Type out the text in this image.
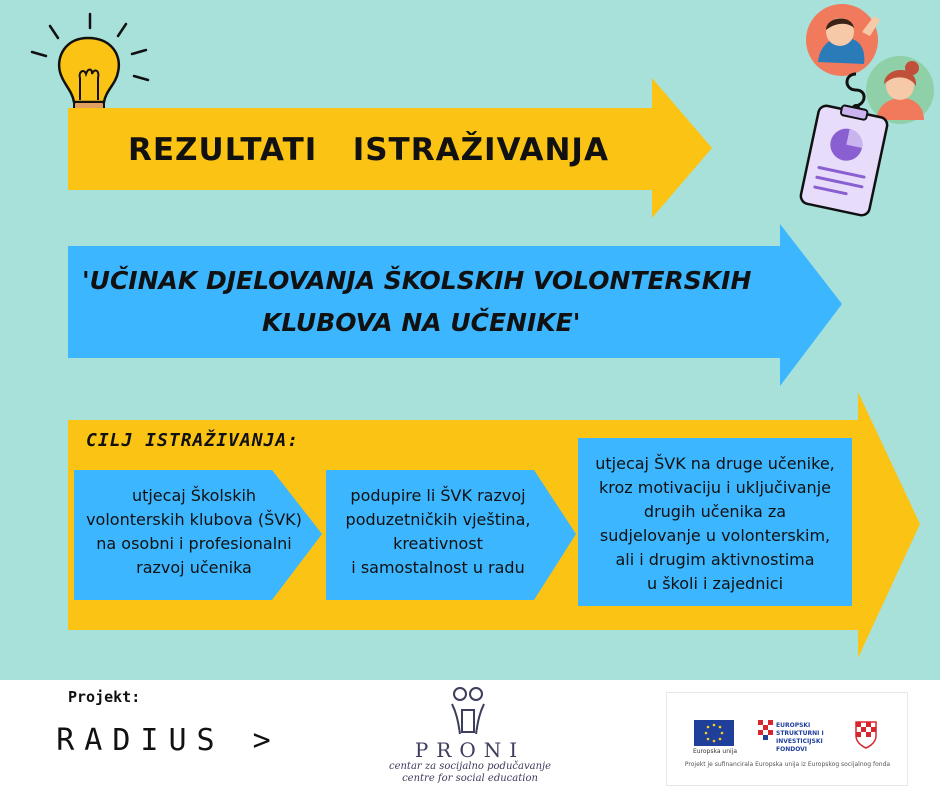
REZULTATI   ISTRAŽIVANJA
'UČINAK DJELOVANJA ŠKOLSKIH VOLONTERSKIH
KLUBOVA NA UČENIKE'
CILJ ISTRAŽIVANJA:
utjecaj Školskih
volonterskih klubova (ŠVK)
na osobni i profesionalni
razvoj učenika
podupire li ŠVK razvoj
poduzetničkih vještina,
kreativnost
i samostalnost u radu
utjecaj ŠVK na druge učenike,
kroz motivaciju i uključivanje
drugih učenika za
sudjelovanje u volonterskim,
ali i drugim aktivnostima
u školi i zajednici
Projekt:
RADIUS >	PRONI
centar za socijalno podučavanje
centre for social education
Europska unija
EUROPSKI STRUKTURNI I INVESTICIJSKI FONDOVI
Projekt je sufinancirala Europska unija iz Europskog socijalnog fonda
